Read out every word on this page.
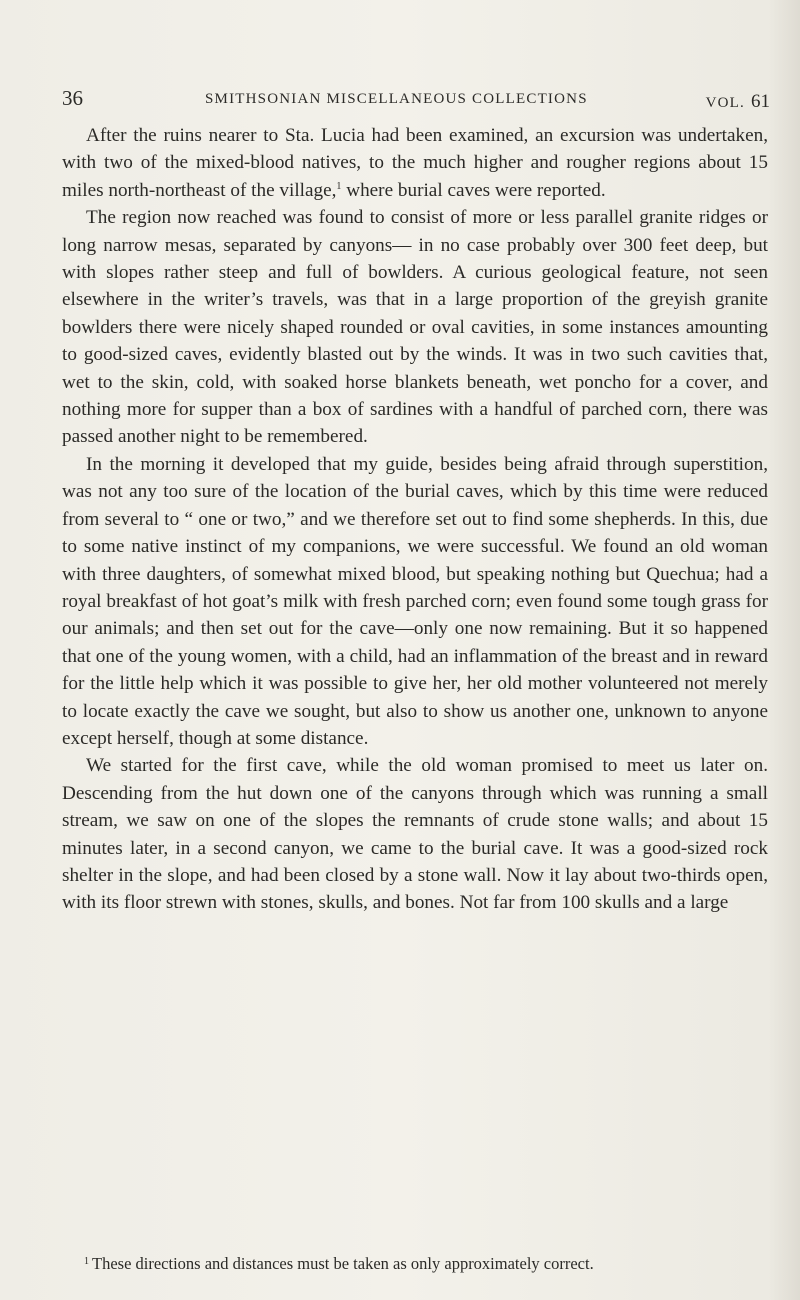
36	SMITHSONIAN MISCELLANEOUS COLLECTIONS	VOL. 61

After the ruins nearer to Sta. Lucia had been examined, an excursion was undertaken, with two of the mixed-blood natives, to the much higher and rougher regions about 15 miles north-northeast of the village,$^1$ where burial caves were reported.

The region now reached was found to consist of more or less parallel granite ridges or long narrow mesas, separated by canyons— in no case probably over 300 feet deep, but with slopes rather steep and full of bowlders. A curious geological feature, not seen elsewhere in the writer’s travels, was that in a large proportion of the greyish granite bowlders there were nicely shaped rounded or oval cavities, in some instances amounting to good-sized caves, evidently blasted out by the winds. It was in two such cavities that, wet to the skin, cold, with soaked horse blankets beneath, wet poncho for a cover, and nothing more for supper than a box of sardines with a handful of parched corn, there was passed another night to be remembered.

In the morning it developed that my guide, besides being afraid through superstition, was not any too sure of the location of the burial caves, which by this time were reduced from several to “ one or two,” and we therefore set out to find some shepherds. In this, due to some native instinct of my companions, we were successful. We found an old woman with three daughters, of somewhat mixed blood, but speaking nothing but Quechua; had a royal breakfast of hot goat’s milk with fresh parched corn; even found some tough grass for our animals; and then set out for the cave—only one now remaining. But it so happened that one of the young women, with a child, had an inflammation of the breast and in reward for the little help which it was possible to give her, her old mother volunteered not merely to locate exactly the cave we sought, but also to show us another one, unknown to anyone except herself, though at some distance.

We started for the first cave, while the old woman promised to meet us later on. Descending from the hut down one of the canyons through which was running a small stream, we saw on one of the slopes the remnants of crude stone walls; and about 15 minutes later, in a second canyon, we came to the burial cave. It was a good-sized rock shelter in the slope, and had been closed by a stone wall. Now it lay about two-thirds open, with its floor strewn with stones, skulls, and bones. Not far from 100 skulls and a large

$^1$ These directions and distances must be taken as only approximately correct.
